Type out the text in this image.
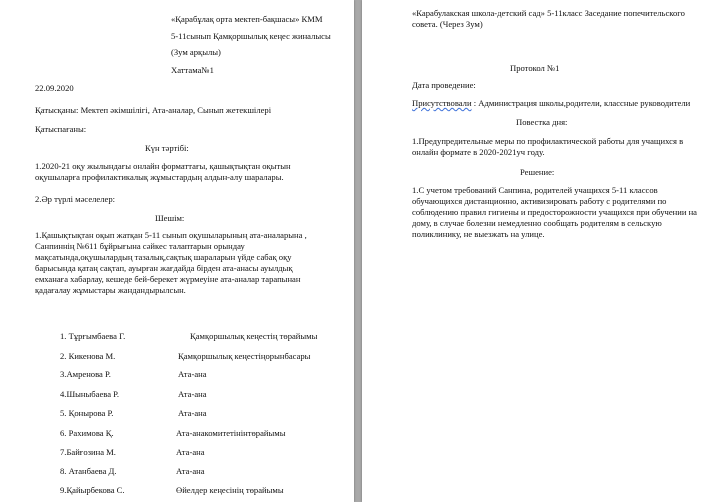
«Қарабұлақ орта мектеп-бақшасы» КММ

5-11сынып Қамқоршылық кеңес жиналысы

(Зум арқылы)

Хаттама№1

22.09.2020

Қатысқаны: Мектеп әкімшілігі, Ата-аналар, Сынып жетекшілері

Қатыспағаны:

Күн тәртібі:

1.2020-21 оқу жылындағы онлайн форматтағы, қашықтықтан оқытын оқушыларға профилактикалық жұмыстардың алдын-алу шаралары.

2.Әр түрлі мәселелер:

Шешім:

1.Қашықтықтан оқып жатқан 5-11 сынып оқушыларының ата-аналарына , Санпиннің №611 бұйрығына сәйкес талаптарын орындау мақсатында,оқушылардың тазалық,сақтық шараларын үйде сабақ оқу барысында қатаң сақтап, ауырған жағдайда бірден ата-анасы ауылдық емханаға хабарлау, кешеде бей-берекет жүрмеуіне ата-аналар тарапынан қадағалау жұмыстары жандандырылсын.

1. Тұрғымбаева Г.	Қамқоршылық кеңестің төрайымы

2. Кикенова М.	Қамқоршылық кеңестіңорынбасары

3.Амренова Р.	Ата-ана

4.Шыныбаева Р.	Ата-ана

5. Қонырова Р.	Ата-ана

6. Рахимова Қ.	Ата-анакомитетінінтөрайымы

7.Байғозина М.	Ата-ана

8. Атанбаева Д.	Ата-ана

9.Қайырбекова С.	Өйелдер кеңесінің төрайымы

«Карабулакская школа-детский сад» 5-11класс Заседание попечительского совета. (Через Зум)

Протокол №1

Дата проведение:

Присутствовали : Администрация школы,родители, классные руководители

Повестка дня:

1.Предупредительные меры по профилактической работы для учащихся в онлайн формате в 2020-2021уч году.

Решение:

1.С учетом требований Санпина, родителей учащихся 5-11 классов обучающихся дистанционно, активизировать работу с родителями по соблюдению правил гигиены и предосторожности учащихся при обучении на дому, в случае болезни немедленно сообщать родителям в сельскую поликлинику, не выезжать на улице.
